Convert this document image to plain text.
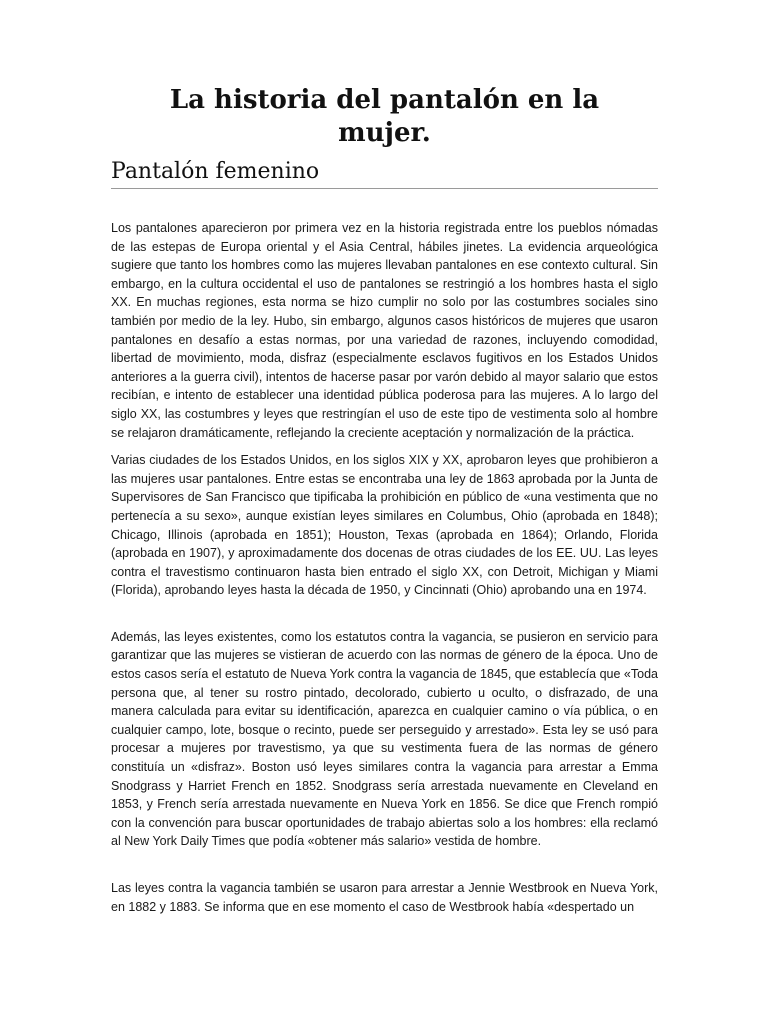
La historia del pantalón en la mujer.
Pantalón femenino

Los pantalones aparecieron por primera vez en la historia registrada entre los pueblos nómadas de las estepas de Europa oriental y el Asia Central, hábiles jinetes. La evidencia arqueológica sugiere que tanto los hombres como las mujeres llevaban pantalones en ese contexto cultural. Sin embargo, en la cultura occidental el uso de pantalones se restringió a los hombres hasta el siglo XX. En muchas regiones, esta norma se hizo cumplir no solo por las costumbres sociales sino también por medio de la ley. Hubo, sin embargo, algunos casos históricos de mujeres que usaron pantalones en desafío a estas normas, por una variedad de razones, incluyendo comodidad, libertad de movimiento, moda, disfraz (especialmente esclavos fugitivos en los Estados Unidos anteriores a la guerra civil), intentos de hacerse pasar por varón debido al mayor salario que estos recibían, e intento de establecer una identidad pública poderosa para las mujeres. A lo largo del siglo XX, las costumbres y leyes que restringían el uso de este tipo de vestimenta solo al hombre se relajaron dramáticamente, reflejando la creciente aceptación y normalización de la práctica.

Varias ciudades de los Estados Unidos, en los siglos XIX y XX, aprobaron leyes que prohibieron a las mujeres usar pantalones. Entre estas se encontraba una ley de 1863 aprobada por la Junta de Supervisores de San Francisco que tipificaba la prohibición en público de «una vestimenta que no pertenecía a su sexo», aunque existían leyes similares en Columbus, Ohio (aprobada en 1848); Chicago, Illinois (aprobada en 1851); Houston, Texas (aprobada en 1864); Orlando, Florida (aprobada en 1907), y aproximadamente dos docenas de otras ciudades de los EE. UU. Las leyes contra el travestismo continuaron hasta bien entrado el siglo XX, con Detroit, Michigan y Miami (Florida), aprobando leyes hasta la década de 1950, y Cincinnati (Ohio) aprobando una en 1974.

Además, las leyes existentes, como los estatutos contra la vagancia, se pusieron en servicio para garantizar que las mujeres se vistieran de acuerdo con las normas de género de la época. Uno de estos casos sería el estatuto de Nueva York contra la vagancia de 1845, que establecía que «Toda persona que, al tener su rostro pintado, decolorado, cubierto u oculto, o disfrazado, de una manera calculada para evitar su identificación, aparezca en cualquier camino o vía pública, o en cualquier campo, lote, bosque o recinto, puede ser perseguido y arrestado». Esta ley se usó para procesar a mujeres por travestismo, ya que su vestimenta fuera de las normas de género constituía un «disfraz». Boston usó leyes similares contra la vagancia para arrestar a Emma Snodgrass y Harriet French en 1852. Snodgrass sería arrestada nuevamente en Cleveland en 1853, y French sería arrestada nuevamente en Nueva York en 1856. Se dice que French rompió con la convención para buscar oportunidades de trabajo abiertas solo a los hombres: ella reclamó al New York Daily Times que podía «obtener más salario» vestida de hombre.

Las leyes contra la vagancia también se usaron para arrestar a Jennie Westbrook en Nueva York, en 1882 y 1883. Se informa que en ese momento el caso de Westbrook había «despertado un
